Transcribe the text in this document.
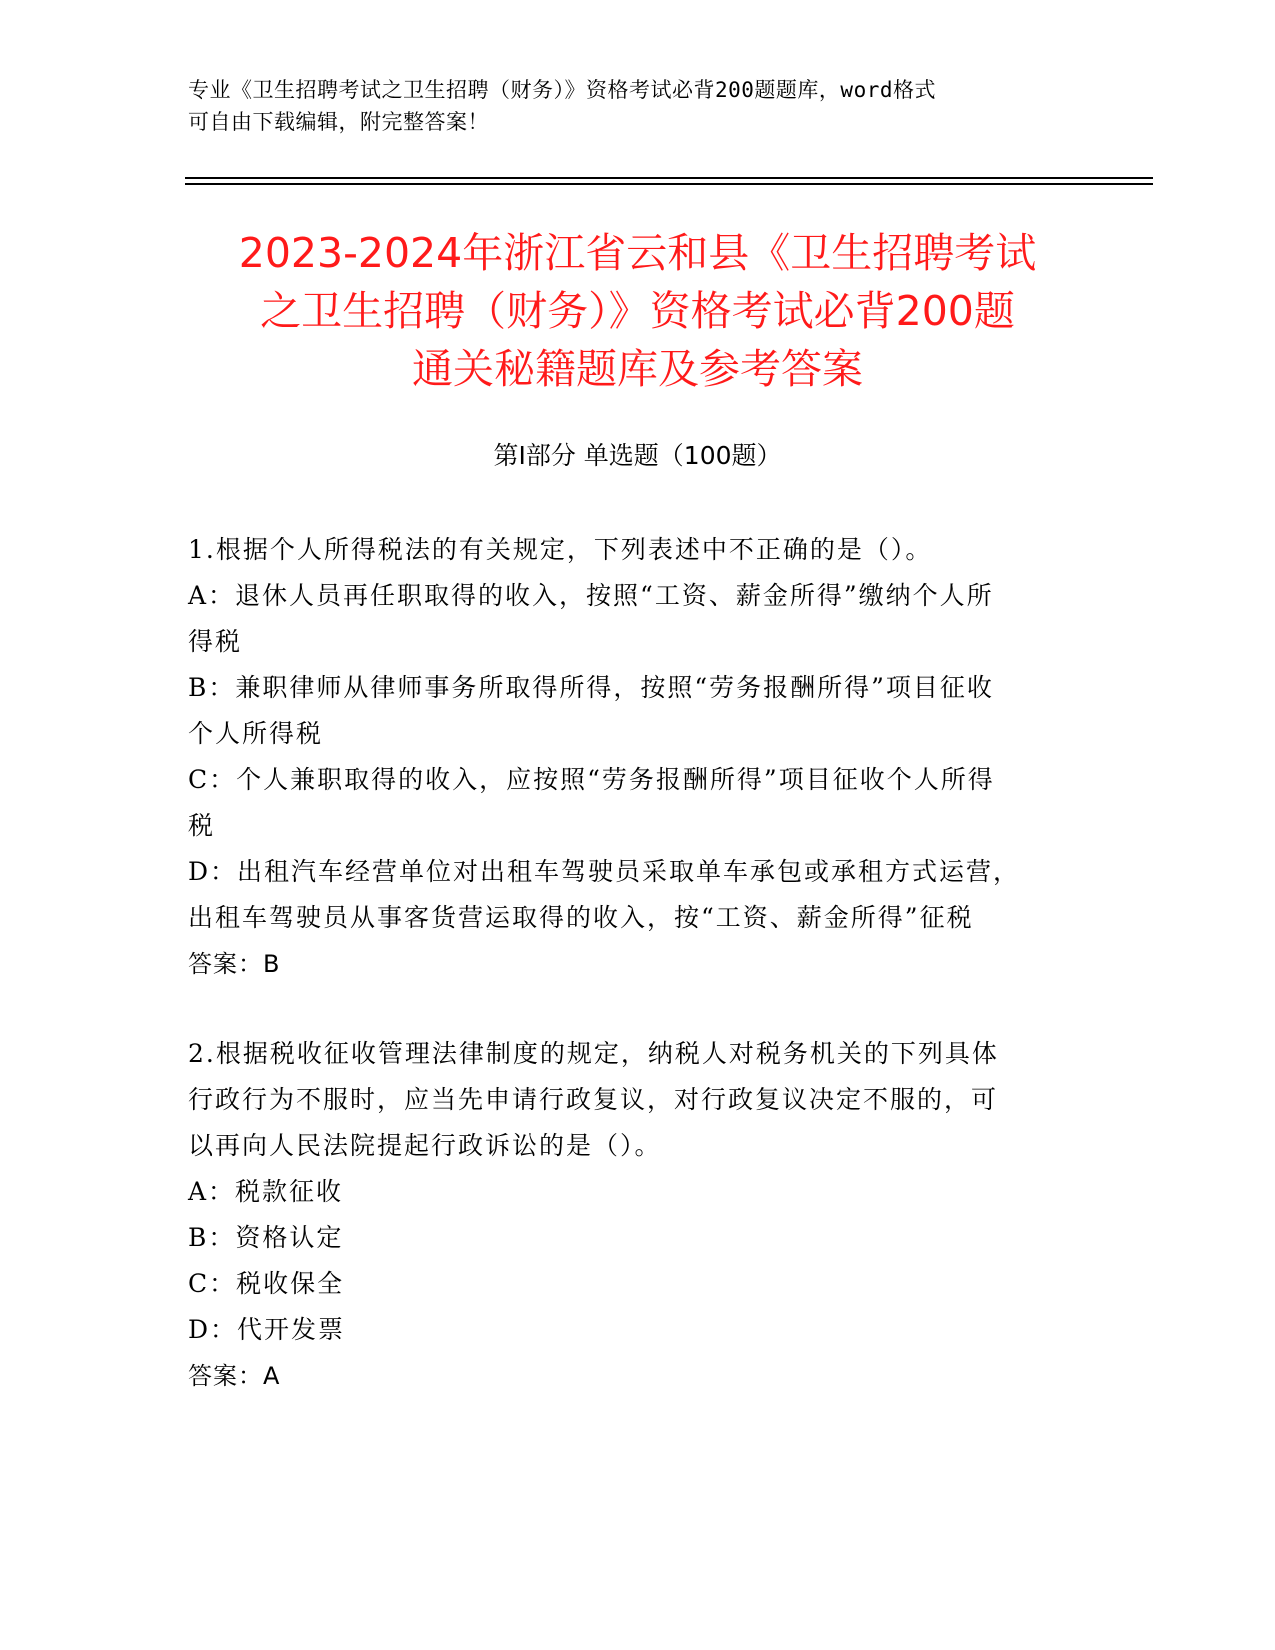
专业《卫生招聘考试之卫生招聘（财务）》资格考试必背200题题库，word格式
可自由下载编辑，附完整答案！
2023-2024年浙江省云和县《卫生招聘考试
之卫生招聘（财务）》资格考试必背200题
通关秘籍题库及参考答案
第Ⅰ部分 单选题（100题）
1.根据个人所得税法的有关规定，下列表述中不正确的是（）。
A：退休人员再任职取得的收入，按照“工资、薪金所得”缴纳个人所
得税
B：兼职律师从律师事务所取得所得，按照“劳务报酬所得”项目征收
个人所得税
C：个人兼职取得的收入，应按照“劳务报酬所得”项目征收个人所得
税
D：出租汽车经营单位对出租车驾驶员采取单车承包或承租方式运营，
出租车驾驶员从事客货营运取得的收入，按“工资、薪金所得”征税
答案：B
2.根据税收征收管理法律制度的规定，纳税人对税务机关的下列具体
行政行为不服时，应当先申请行政复议，对行政复议决定不服的，可
以再向人民法院提起行政诉讼的是（）。
A：税款征收
B：资格认定
C：税收保全
D：代开发票
答案：A
